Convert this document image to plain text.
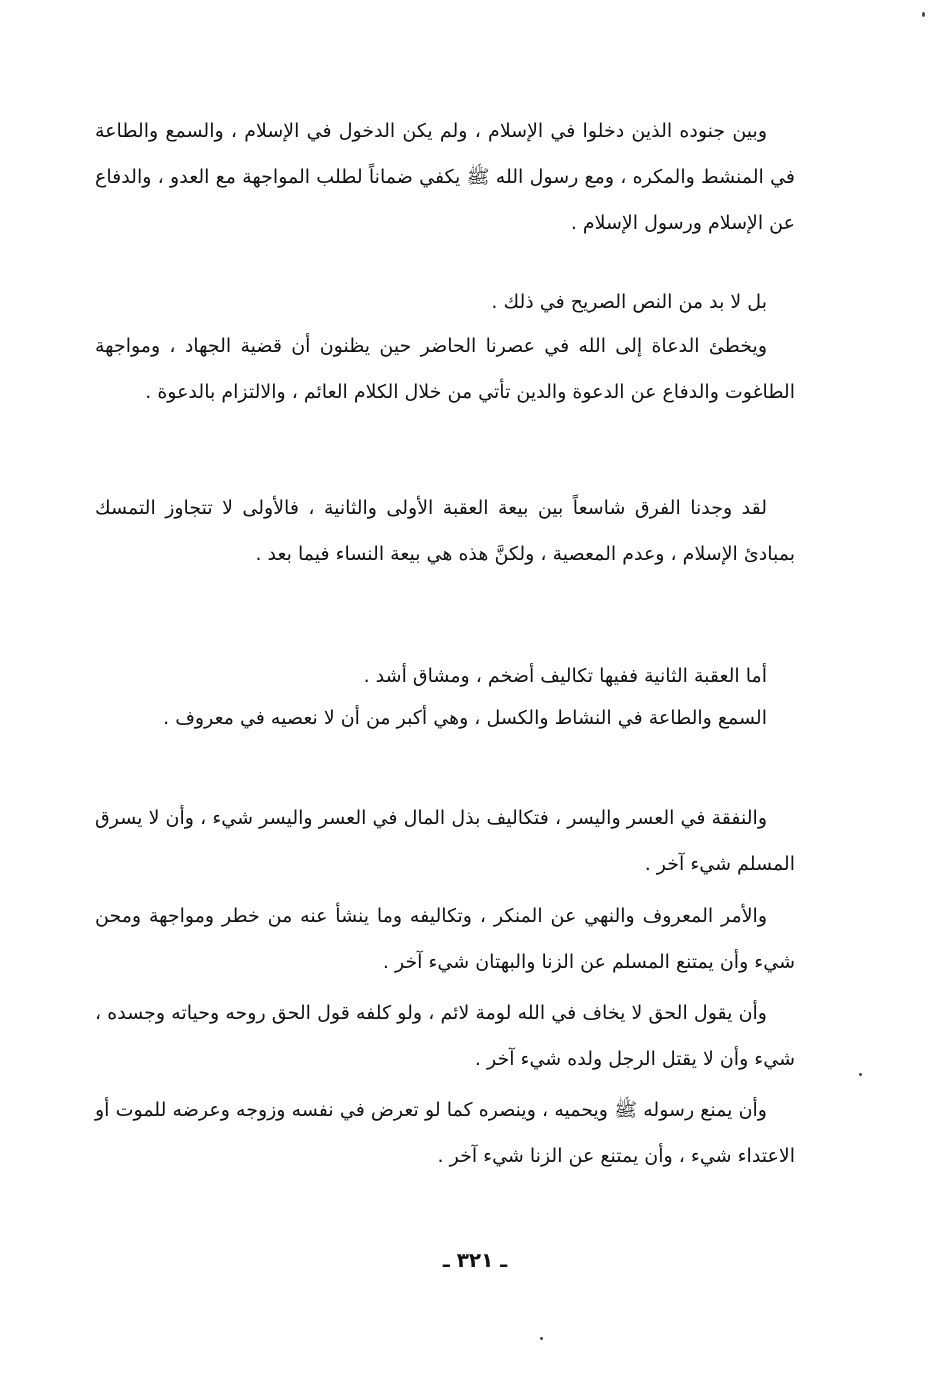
وبين جنوده الذين دخلوا في الإسلام ، ولم يكن الدخول في الإسلام ، والسمع والطاعة في المنشط والمكره ، ومع رسول الله ﷺ يكفي ضماناً لطلب المواجهة مع العدو ، والدفاع عن الإسلام ورسول الإسلام .

بل لا بد من النص الصريح في ذلك .

ويخطئ الدعاة إلى الله في عصرنا الحاضر حين يظنون أن قضية الجهاد ، ومواجهة الطاغوت والدفاع عن الدعوة والدين تأتي من خلال الكلام العائم ، والالتزام بالدعوة .

لقد وجدنا الفرق شاسعاً بين بيعة العقبة الأولى والثانية ، فالأولى لا تتجاوز التمسك بمبادئ الإسلام ، وعدم المعصية ، ولكنَّ هذه هي بيعة النساء فيما بعد .

أما العقبة الثانية ففيها تكاليف أضخم ، ومشاق أشد .

السمع والطاعة في النشاط والكسل ، وهي أكبر من أن لا نعصيه في معروف .

والنفقة في العسر واليسر ، فتكاليف بذل المال في العسر واليسر شيء ، وأن لا يسرق المسلم شيء آخر .

والأمر المعروف والنهي عن المنكر ، وتكاليفه وما ينشأ عنه من خطر ومواجهة ومحن شيء وأن يمتنع المسلم عن الزنا والبهتان شيء آخر .

وأن يقول الحق لا يخاف في الله لومة لائم ، ولو كلفه قول الحق روحه وحياته وجسده ، شيء وأن لا يقتل الرجل ولده شيء آخر .

وأن يمنع رسوله ﷺ ويحميه ، وينصره كما لو تعرض في نفسه وزوجه وعرضه للموت أو الاعتداء شيء ، وأن يمتنع عن الزنا شيء آخر .

ـ ٣٢١ ـ
